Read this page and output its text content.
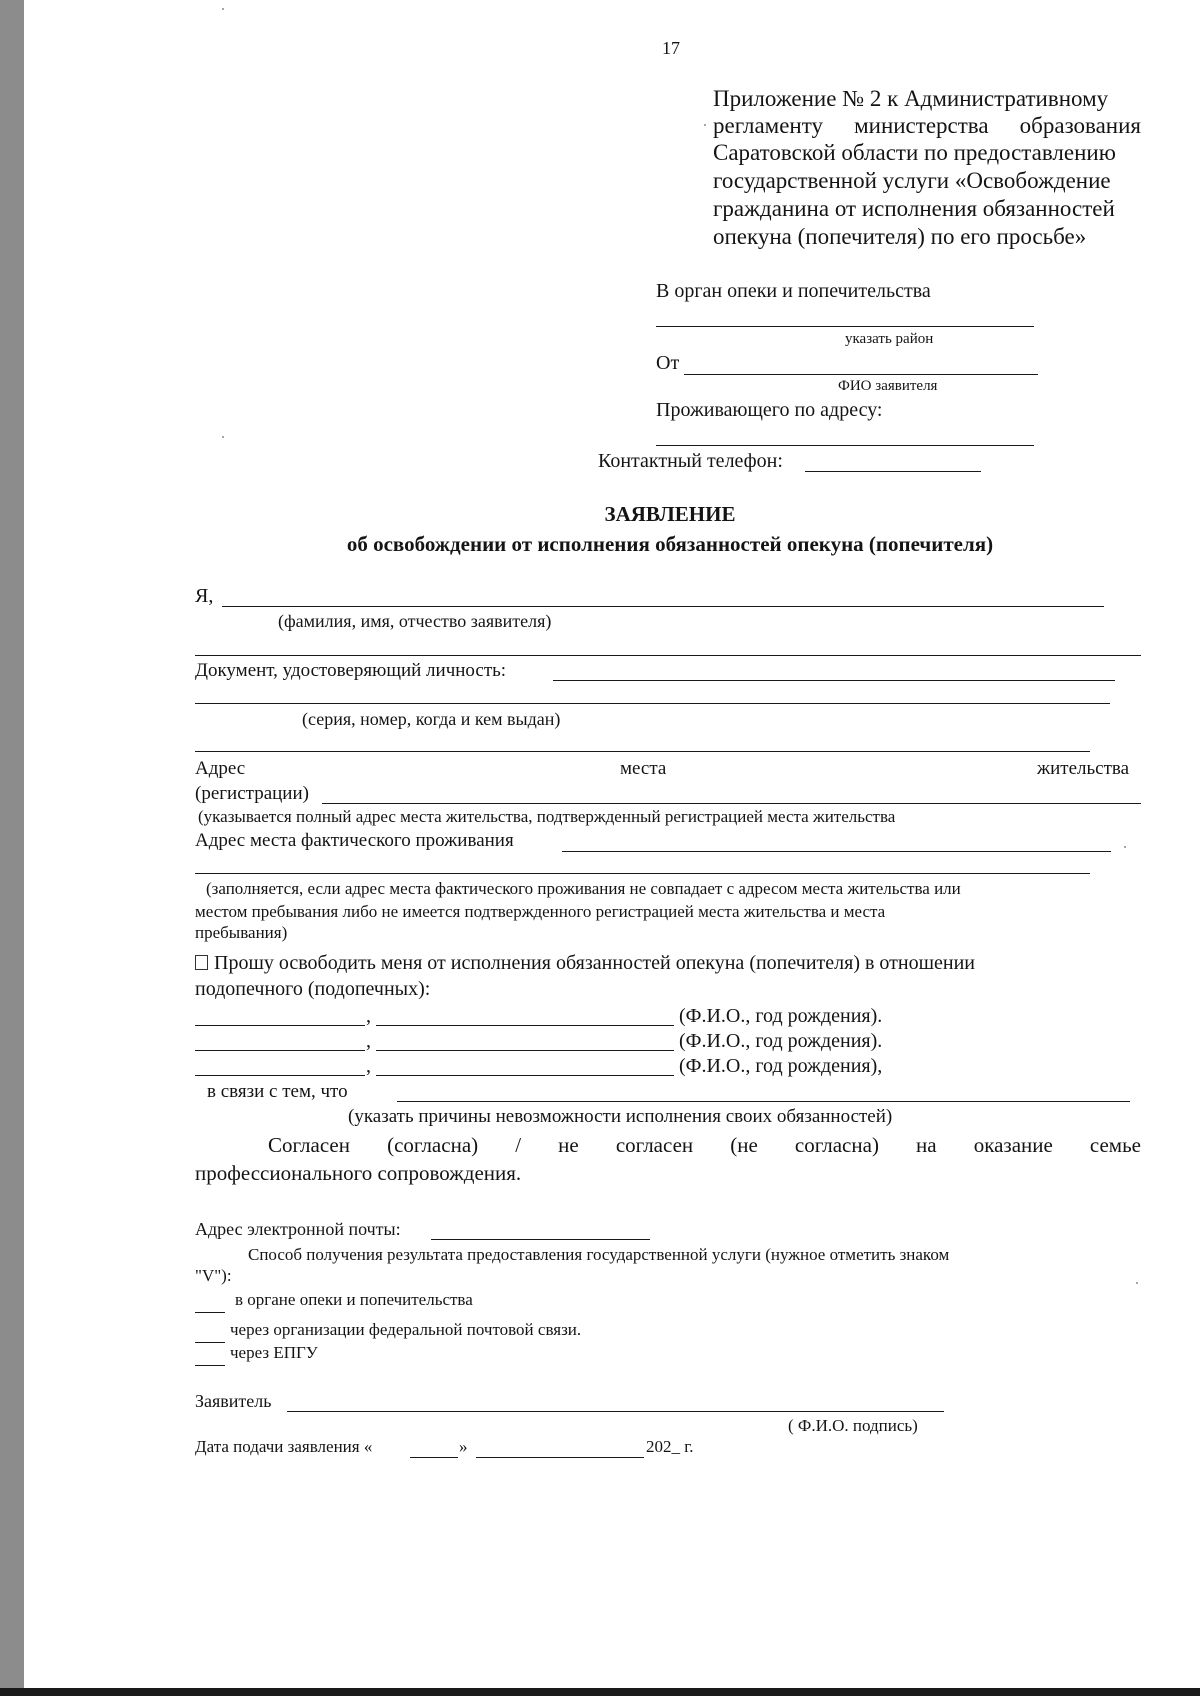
17
Приложение № 2 к Административному
регламенту министерства образования
Саратовской области по предоставлению
государственной услуги «Освобождение
гражданина от исполнения обязанностей
опекуна (попечителя) по его просьбе»
В орган опеки и попечительства
указать район
От
ФИО заявителя
Проживающего по адресу:
Контактный телефон:
ЗАЯВЛЕНИЕ
об освобождении от исполнения обязанностей опекуна (попечителя)
Я,
(фамилия, имя, отчество заявителя)
Документ, удостоверяющий личность:
(серия, номер, когда и кем выдан)
Адрес	места	жительства
(регистрации)
(указывается полный адрес места жительства, подтвержденный регистрацией места жительства
Адрес места фактического проживания
(заполняется, если адрес места фактического проживания не совпадает с адресом места жительства или
местом пребывания либо не имеется подтвержденного регистрацией места жительства и места
пребывания)
Прошу освободить меня от исполнения обязанностей опекуна (попечителя) в отношении
подопечного (подопечных):
,	(Ф.И.О., год рождения).
,	(Ф.И.О., год рождения).
,	(Ф.И.О., год рождения),
в связи с тем, что
(указать причины невозможности исполнения своих обязанностей)
Согласен (согласна) / не согласен (не согласна) на оказание семье
профессионального сопровождения.
Адрес электронной почты:
Способ получения результата предоставления государственной услуги (нужное отметить знаком
"V"):
в органе опеки и попечительства
через организации федеральной почтовой связи.
через ЕПГУ
Заявитель
( Ф.И.О. подпись)
Дата подачи заявления «	»	202_ г.
